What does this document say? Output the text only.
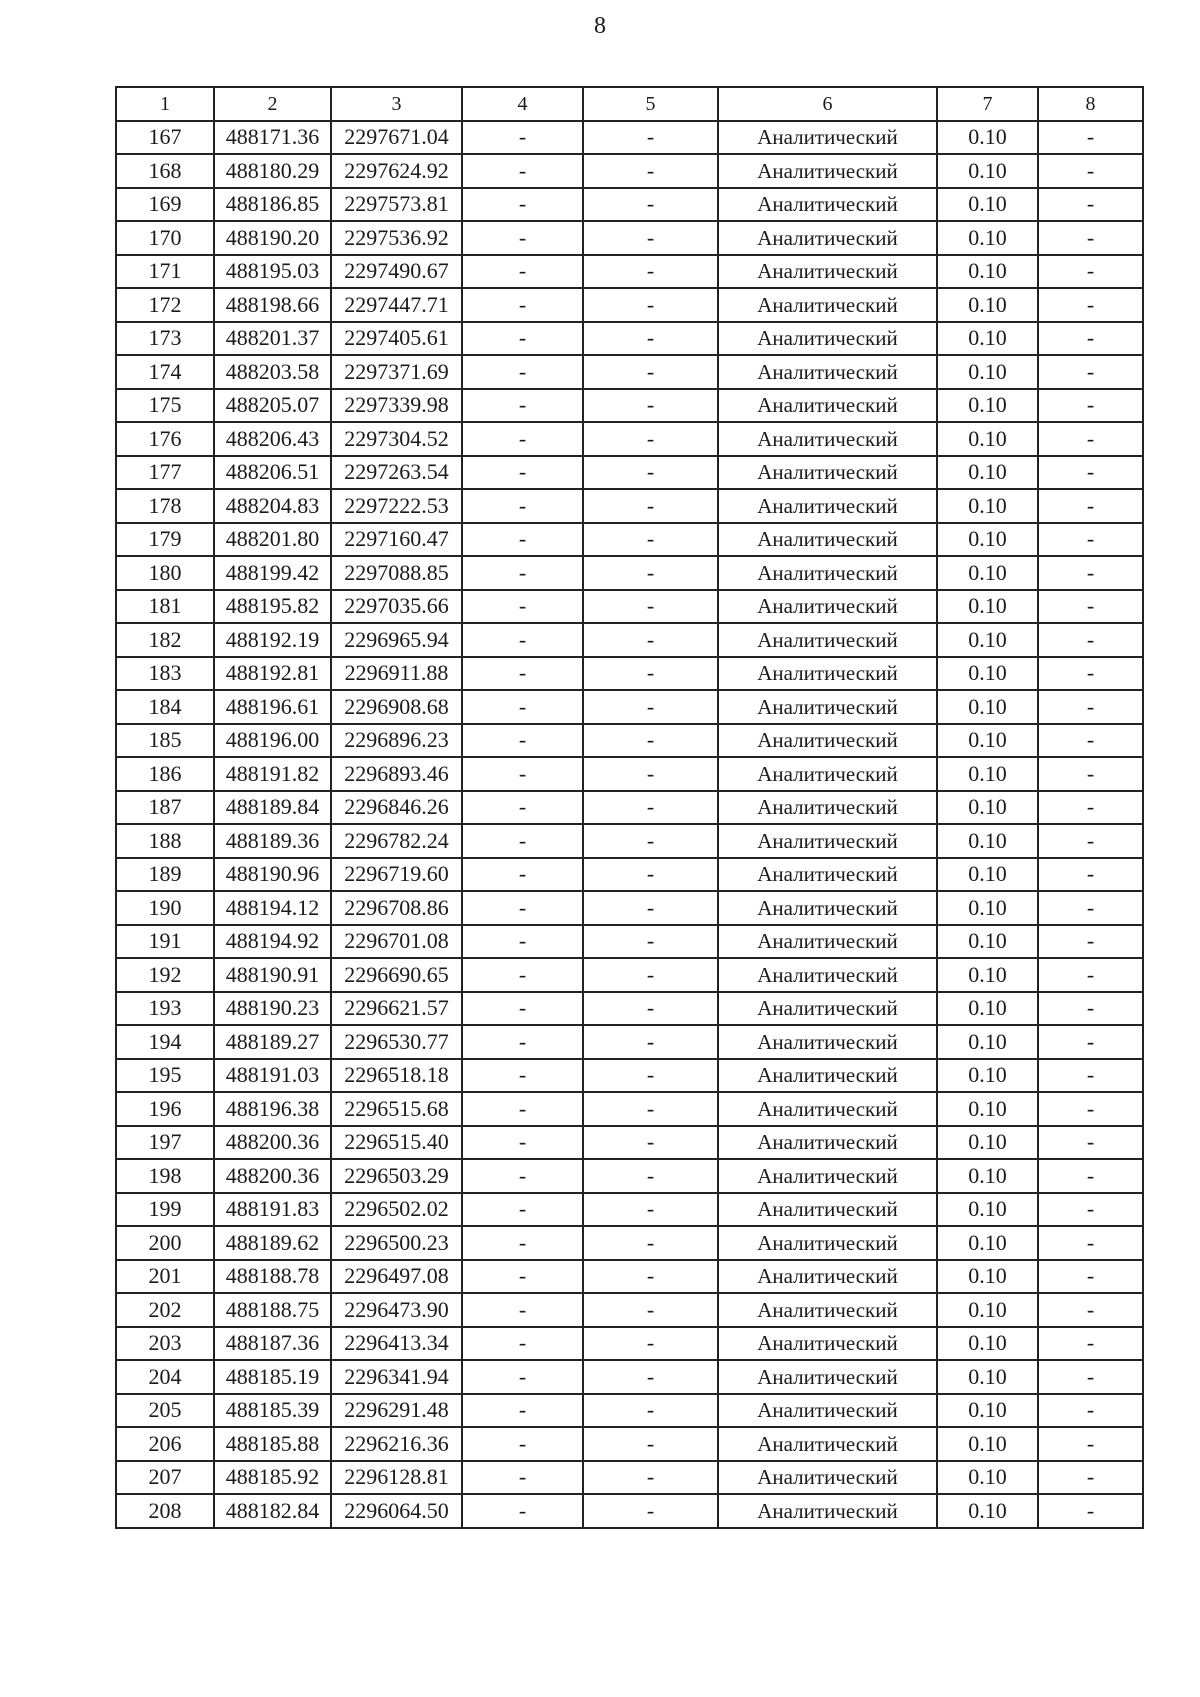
8
1	2	3	4	5	6	7	8
167	488171.36	2297671.04	-	-	Аналитический	0.10	-
168	488180.29	2297624.92	-	-	Аналитический	0.10	-
169	488186.85	2297573.81	-	-	Аналитический	0.10	-
170	488190.20	2297536.92	-	-	Аналитический	0.10	-
171	488195.03	2297490.67	-	-	Аналитический	0.10	-
172	488198.66	2297447.71	-	-	Аналитический	0.10	-
173	488201.37	2297405.61	-	-	Аналитический	0.10	-
174	488203.58	2297371.69	-	-	Аналитический	0.10	-
175	488205.07	2297339.98	-	-	Аналитический	0.10	-
176	488206.43	2297304.52	-	-	Аналитический	0.10	-
177	488206.51	2297263.54	-	-	Аналитический	0.10	-
178	488204.83	2297222.53	-	-	Аналитический	0.10	-
179	488201.80	2297160.47	-	-	Аналитический	0.10	-
180	488199.42	2297088.85	-	-	Аналитический	0.10	-
181	488195.82	2297035.66	-	-	Аналитический	0.10	-
182	488192.19	2296965.94	-	-	Аналитический	0.10	-
183	488192.81	2296911.88	-	-	Аналитический	0.10	-
184	488196.61	2296908.68	-	-	Аналитический	0.10	-
185	488196.00	2296896.23	-	-	Аналитический	0.10	-
186	488191.82	2296893.46	-	-	Аналитический	0.10	-
187	488189.84	2296846.26	-	-	Аналитический	0.10	-
188	488189.36	2296782.24	-	-	Аналитический	0.10	-
189	488190.96	2296719.60	-	-	Аналитический	0.10	-
190	488194.12	2296708.86	-	-	Аналитический	0.10	-
191	488194.92	2296701.08	-	-	Аналитический	0.10	-
192	488190.91	2296690.65	-	-	Аналитический	0.10	-
193	488190.23	2296621.57	-	-	Аналитический	0.10	-
194	488189.27	2296530.77	-	-	Аналитический	0.10	-
195	488191.03	2296518.18	-	-	Аналитический	0.10	-
196	488196.38	2296515.68	-	-	Аналитический	0.10	-
197	488200.36	2296515.40	-	-	Аналитический	0.10	-
198	488200.36	2296503.29	-	-	Аналитический	0.10	-
199	488191.83	2296502.02	-	-	Аналитический	0.10	-
200	488189.62	2296500.23	-	-	Аналитический	0.10	-
201	488188.78	2296497.08	-	-	Аналитический	0.10	-
202	488188.75	2296473.90	-	-	Аналитический	0.10	-
203	488187.36	2296413.34	-	-	Аналитический	0.10	-
204	488185.19	2296341.94	-	-	Аналитический	0.10	-
205	488185.39	2296291.48	-	-	Аналитический	0.10	-
206	488185.88	2296216.36	-	-	Аналитический	0.10	-
207	488185.92	2296128.81	-	-	Аналитический	0.10	-
208	488182.84	2296064.50	-	-	Аналитический	0.10	-
